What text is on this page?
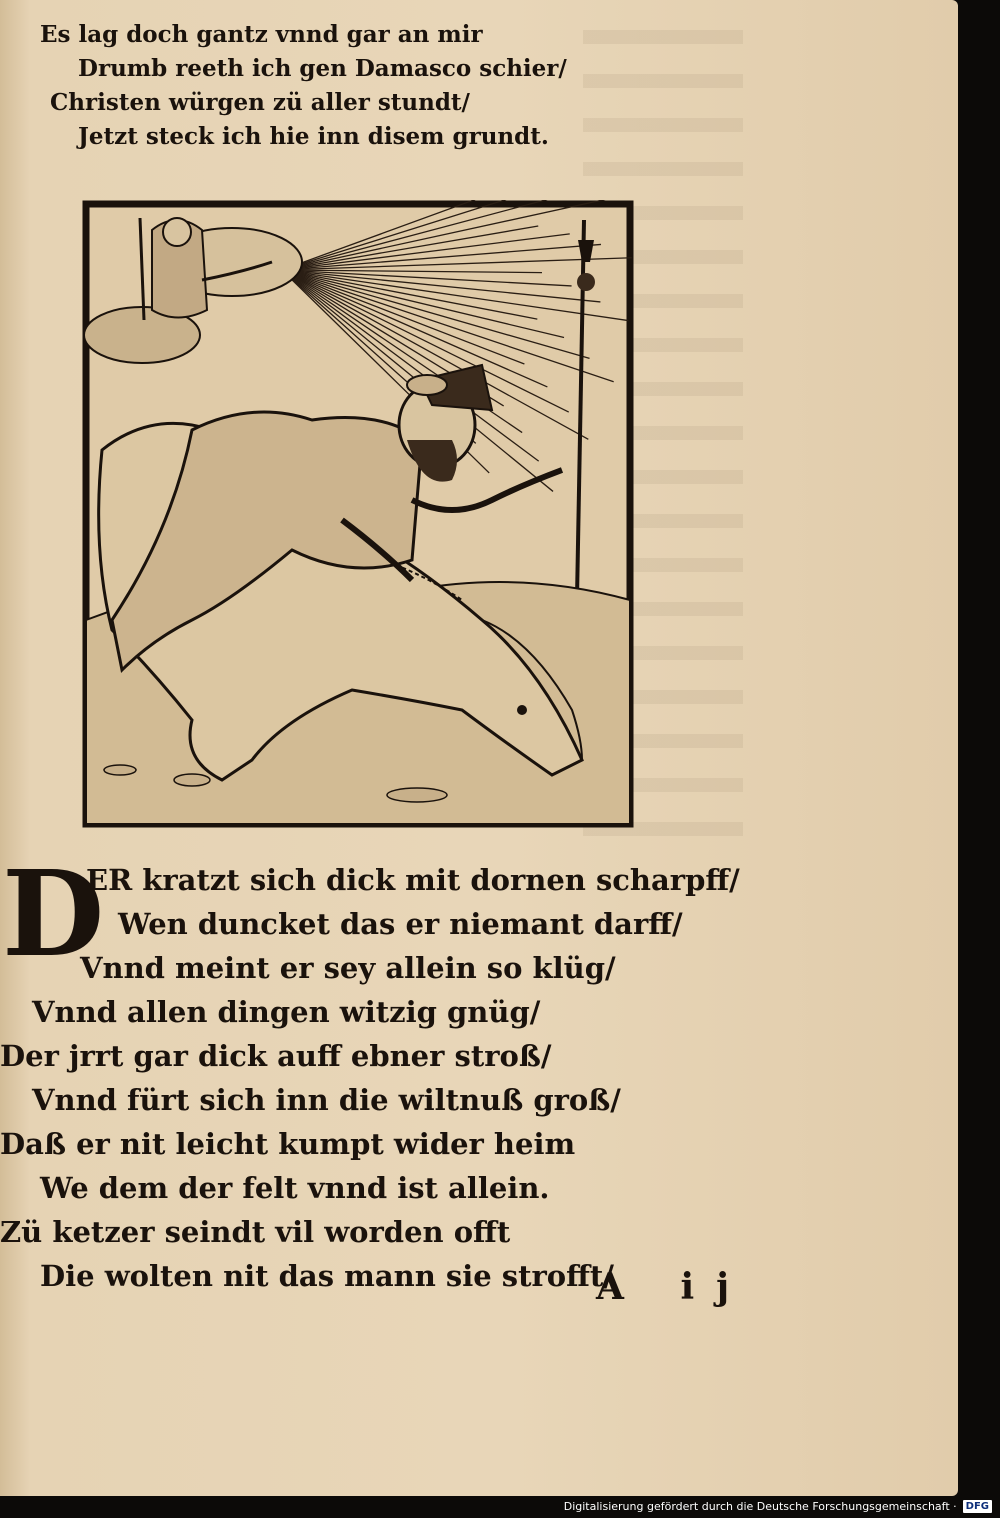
Es lag doch gantz vnnd gar an mir
Drumb reeth ich gen Damasco schier/
Christen würgen zü aller stundt/
Jetzt steck ich hie inn disem grundt.
D
ER kratzt sich dick mit dornen scharpff/
Wen duncket das er niemant darff/
Vnnd meint er sey allein so klüg/
Vnnd allen dingen witzig gnüg/
Der jrrt gar dick auff ebner stroß/
Vnnd fürt sich inn die wiltnuß groß/
Daß er nit leicht kumpt wider heim
We dem der felt vnnd ist allein.
Zü ketzer seindt vil worden offt
Die wolten nit das mann sie strofft/
A ij
Digitalisierung gefördert durch die Deutsche Forschungsgemeinschaft · DFG
